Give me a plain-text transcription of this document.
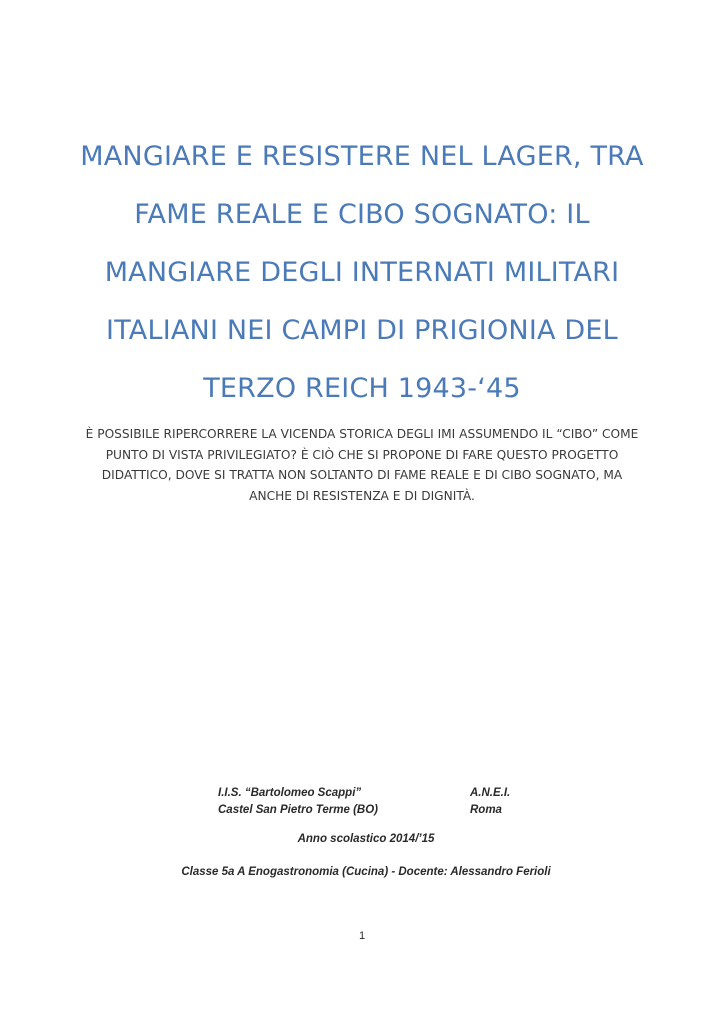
MANGIARE E RESISTERE NEL LAGER, TRA
FAME REALE E CIBO SOGNATO: IL
MANGIARE DEGLI INTERNATI MILITARI
ITALIANI NEI CAMPI DI PRIGIONIA DEL
TERZO REICH 1943-‘45

È POSSIBILE RIPERCORRERE LA VICENDA STORICA DEGLI IMI ASSUMENDO IL “CIBO” COME
PUNTO DI VISTA PRIVILEGIATO? È CIÒ CHE SI PROPONE DI FARE QUESTO PROGETTO
DIDATTICO, DOVE SI TRATTA NON SOLTANTO DI FAME REALE E DI CIBO SOGNATO, MA
ANCHE DI RESISTENZA E DI DIGNITÀ.

I.I.S. “Bartolomeo Scappi”
Castel San Pietro Terme (BO)
A.N.E.I.
Roma
Anno scolastico 2014/’15
Classe 5a A Enogastronomia (Cucina) - Docente: Alessandro Ferioli
1
